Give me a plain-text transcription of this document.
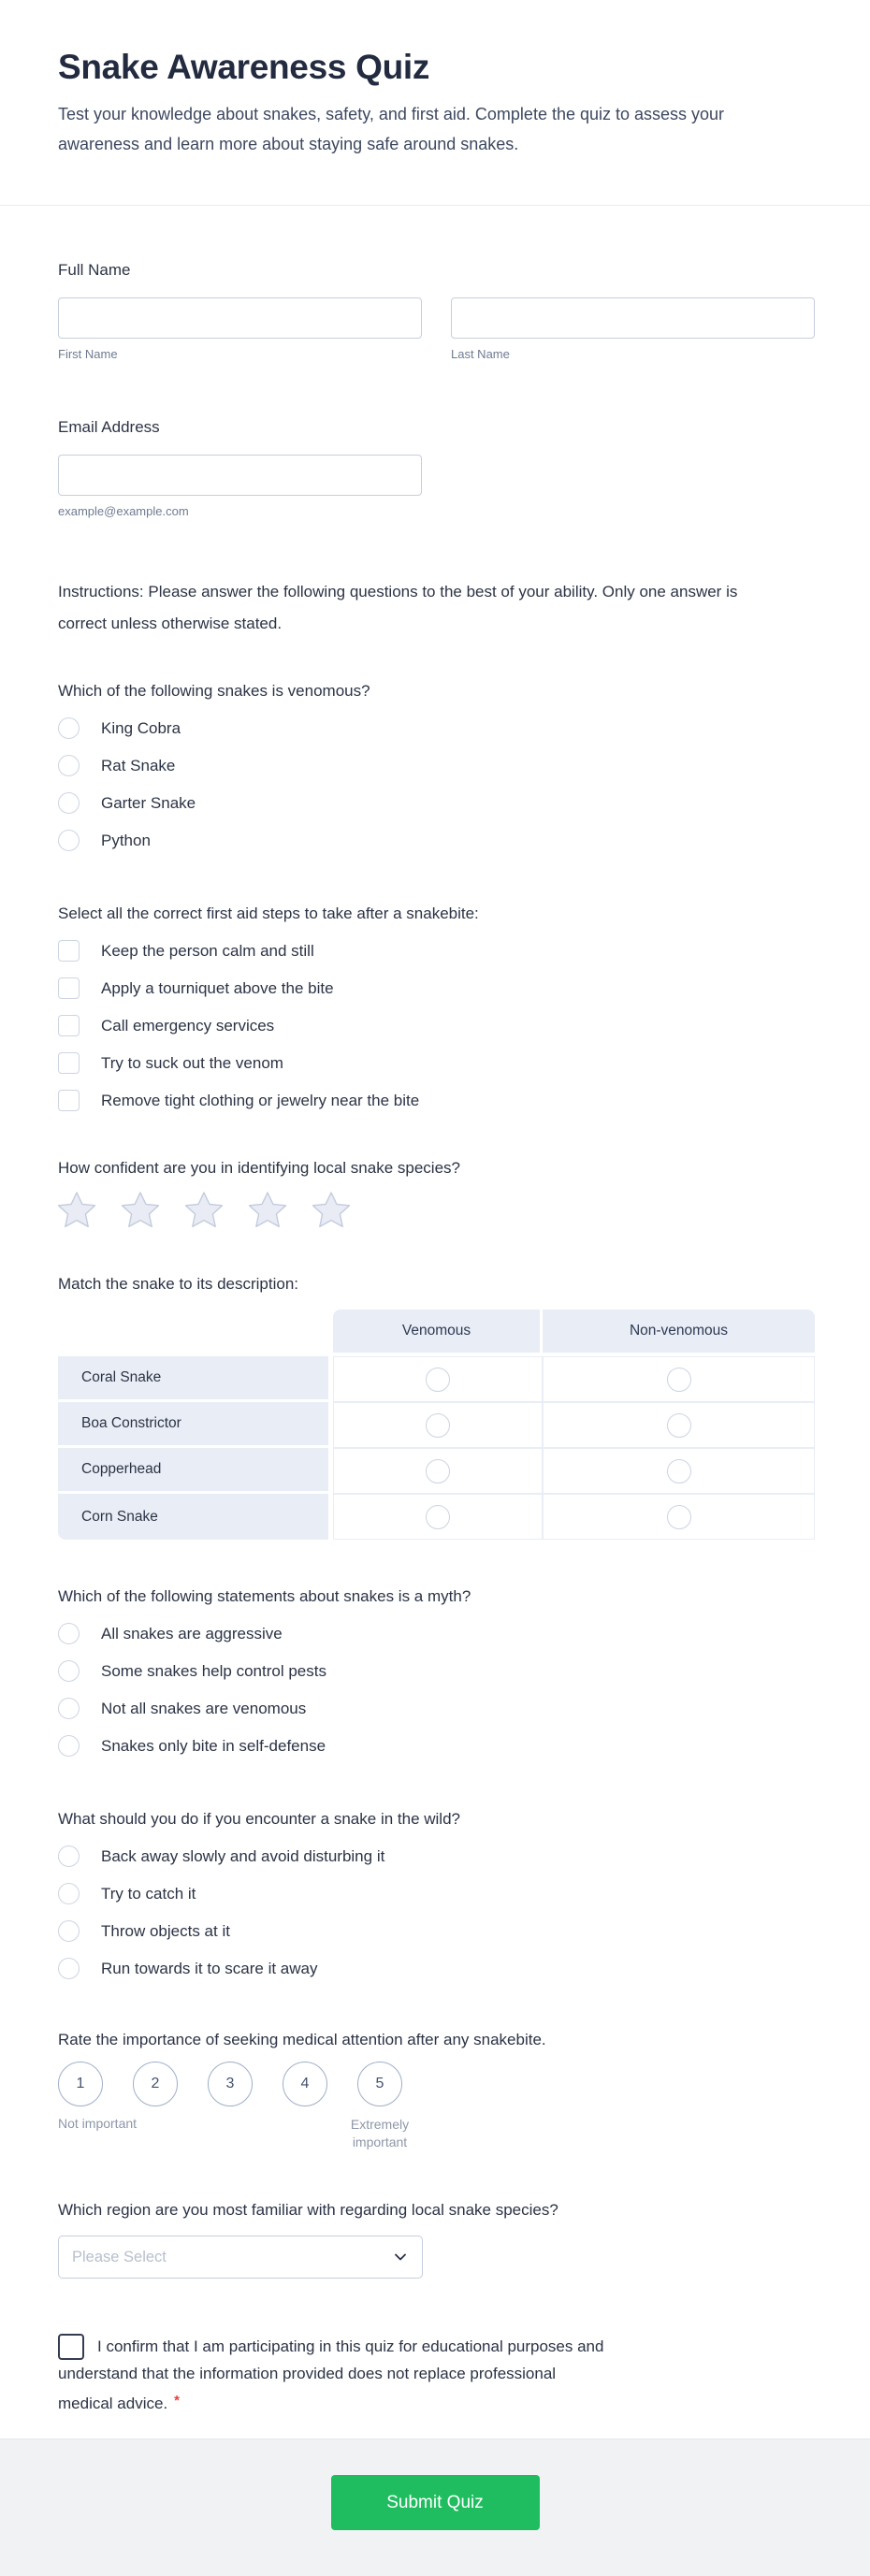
Snake Awareness Quiz

Test your knowledge about snakes, safety, and first aid. Complete the quiz to assess your awareness and learn more about staying safe around snakes.

Full Name
First Name	Last Name
Email Address
example@example.com

Instructions: Please answer the following questions to the best of your ability. Only one answer is correct unless otherwise stated.

Which of the following snakes is venomous?
King Cobra
Rat Snake
Garter Snake
Python
Select all the correct first aid steps to take after a snakebite:
Keep the person calm and still
Apply a tourniquet above the bite
Call emergency services
Try to suck out the venom
Remove tight clothing or jewelry near the bite
How confident are you in identifying local snake species?
Match the snake to its description:
Venomous	Non-venomous
Coral Snake
Boa Constrictor
Copperhead
Corn Snake
Which of the following statements about snakes is a myth?
All snakes are aggressive
Some snakes help control pests
Not all snakes are venomous
Snakes only bite in self-defense
What should you do if you encounter a snake in the wild?
Back away slowly and avoid disturbing it
Try to catch it
Throw objects at it
Run towards it to scare it away
Rate the importance of seeking medical attention after any snakebite.
1	2	3	4	5
Not important	Extremely important
Which region are you most familiar with regarding local snake species?
Please Select
I confirm that I am participating in this quiz for educational purposes and
understand that the information provided does not replace professional
medical advice. *
Submit Quiz
